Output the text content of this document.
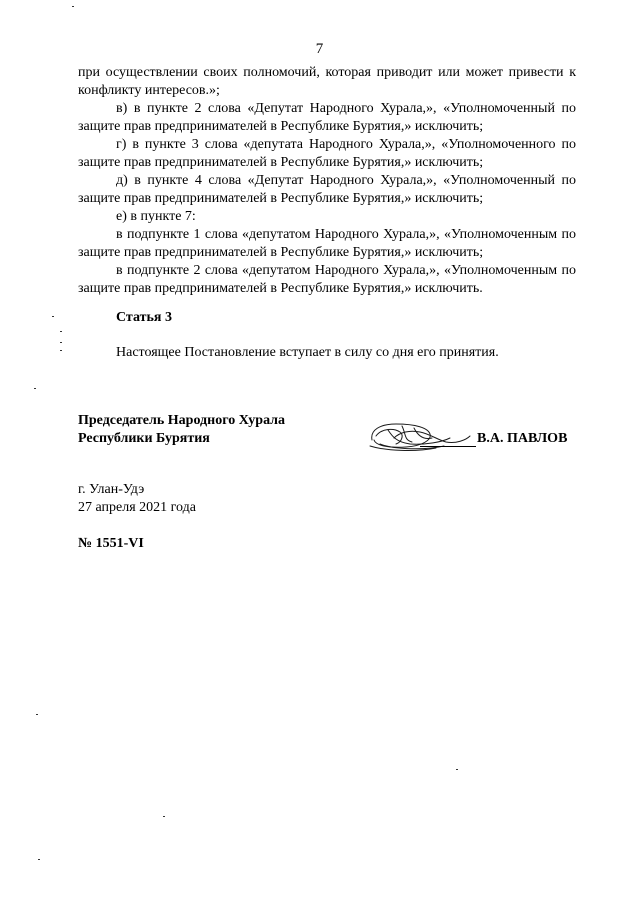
7

при осуществлении своих полномочий, которая приводит или может привести к конфликту интересов.»;

в) в пункте 2 слова «Депутат Народного Хурала,», «Уполномоченный по защите прав предпринимателей в Республике Бурятия,» исключить;

г) в пункте 3 слова «депутата Народного Хурала,», «Уполномоченного по защите прав предпринимателей в Республике Бурятия,» исключить;

д) в пункте 4 слова «Депутат Народного Хурала,», «Уполномоченный по защите прав предпринимателей в Республике Бурятия,» исключить;

е) в пункте 7:

в подпункте 1 слова «депутатом Народного Хурала,», «Уполномоченным по защите прав предпринимателей в Республике Бурятия,» исключить;

в подпункте 2 слова «депутатом Народного Хурала,», «Уполномоченным по защите прав предпринимателей в Республике Бурятия,» исключить.

Статья 3
Настоящее Постановление вступает в силу со дня его принятия.
Председатель Народного Хурала
Республики Бурятия	В.А. ПАВЛОВ
г. Улан-Удэ
27 апреля 2021 года
№ 1551-VI
